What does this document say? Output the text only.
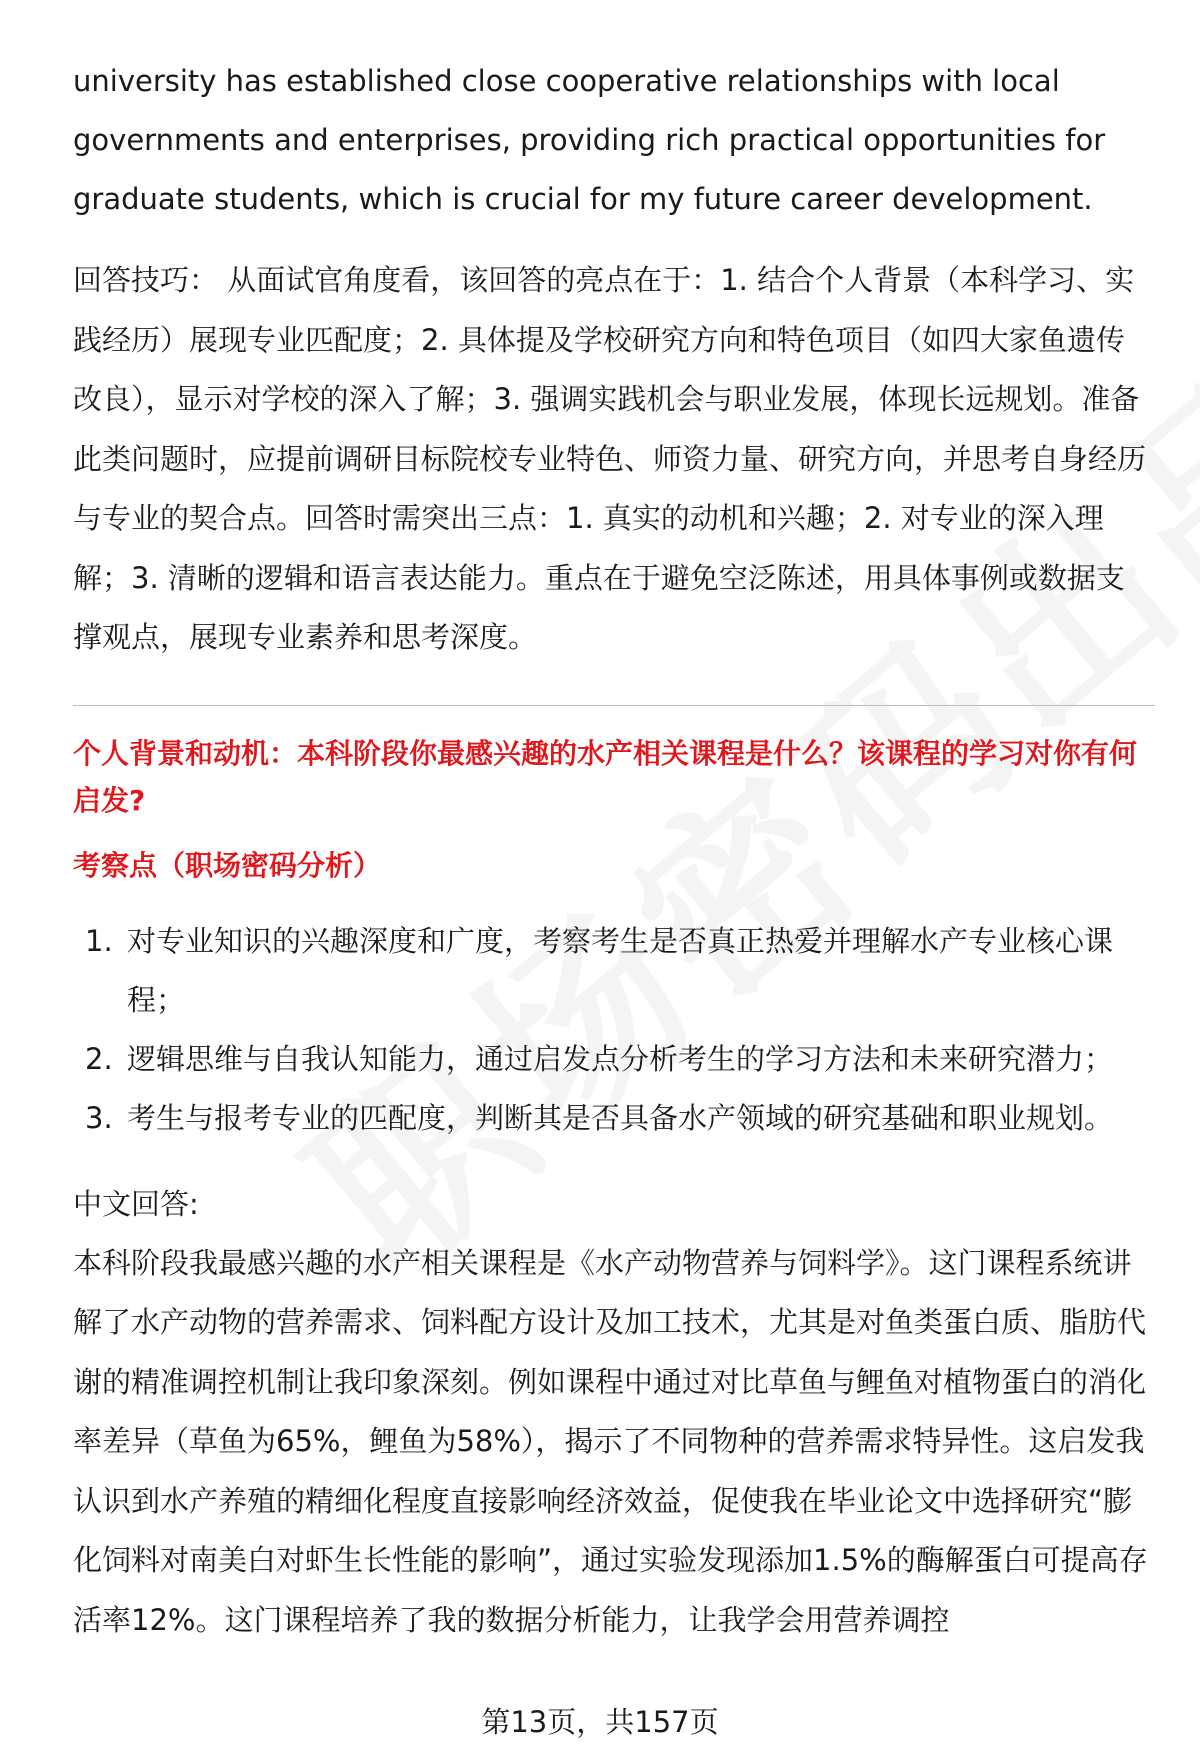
university has established close cooperative relationships with local governments and enterprises, providing rich practical opportunities for graduate students, which is crucial for my future career development.

回答技巧： 从面试官角度看，该回答的亮点在于：1. 结合个人背景（本科学习、实践经历）展现专业匹配度；2. 具体提及学校研究方向和特色项目（如四大家鱼遗传改良），显示对学校的深入了解；3. 强调实践机会与职业发展，体现长远规划。准备此类问题时，应提前调研目标院校专业特色、师资力量、研究方向，并思考自身经历与专业的契合点。回答时需突出三点：1. 真实的动机和兴趣；2. 对专业的深入理解；3. 清晰的逻辑和语言表达能力。重点在于避免空泛陈述，用具体事例或数据支撑观点，展现专业素养和思考深度。

个人背景和动机：本科阶段你最感兴趣的水产相关课程是什么？该课程的学习对你有何启发?
考察点（职场密码分析）
1. 对专业知识的兴趣深度和广度，考察考生是否真正热爱并理解水产专业核心课程；
2. 逻辑思维与自我认知能力，通过启发点分析考生的学习方法和未来研究潜力；
3. 考生与报考专业的匹配度，判断其是否具备水产领域的研究基础和职业规划。
中文回答:

本科阶段我最感兴趣的水产相关课程是《水产动物营养与饲料学》。这门课程系统讲解了水产动物的营养需求、饲料配方设计及加工技术，尤其是对鱼类蛋白质、脂肪代谢的精准调控机制让我印象深刻。例如课程中通过对比草鱼与鲤鱼对植物蛋白的消化率差异（草鱼为65%，鲤鱼为58%），揭示了不同物种的营养需求特异性。这启发我认识到水产养殖的精细化程度直接影响经济效益，促使我在毕业论文中选择研究“膨化饲料对南美白对虾生长性能的影响”，通过实验发现添加1.5%的酶解蛋白可提高存活率12%。这门课程培养了我的数据分析能力，让我学会用营养调控

第13页，共157页
